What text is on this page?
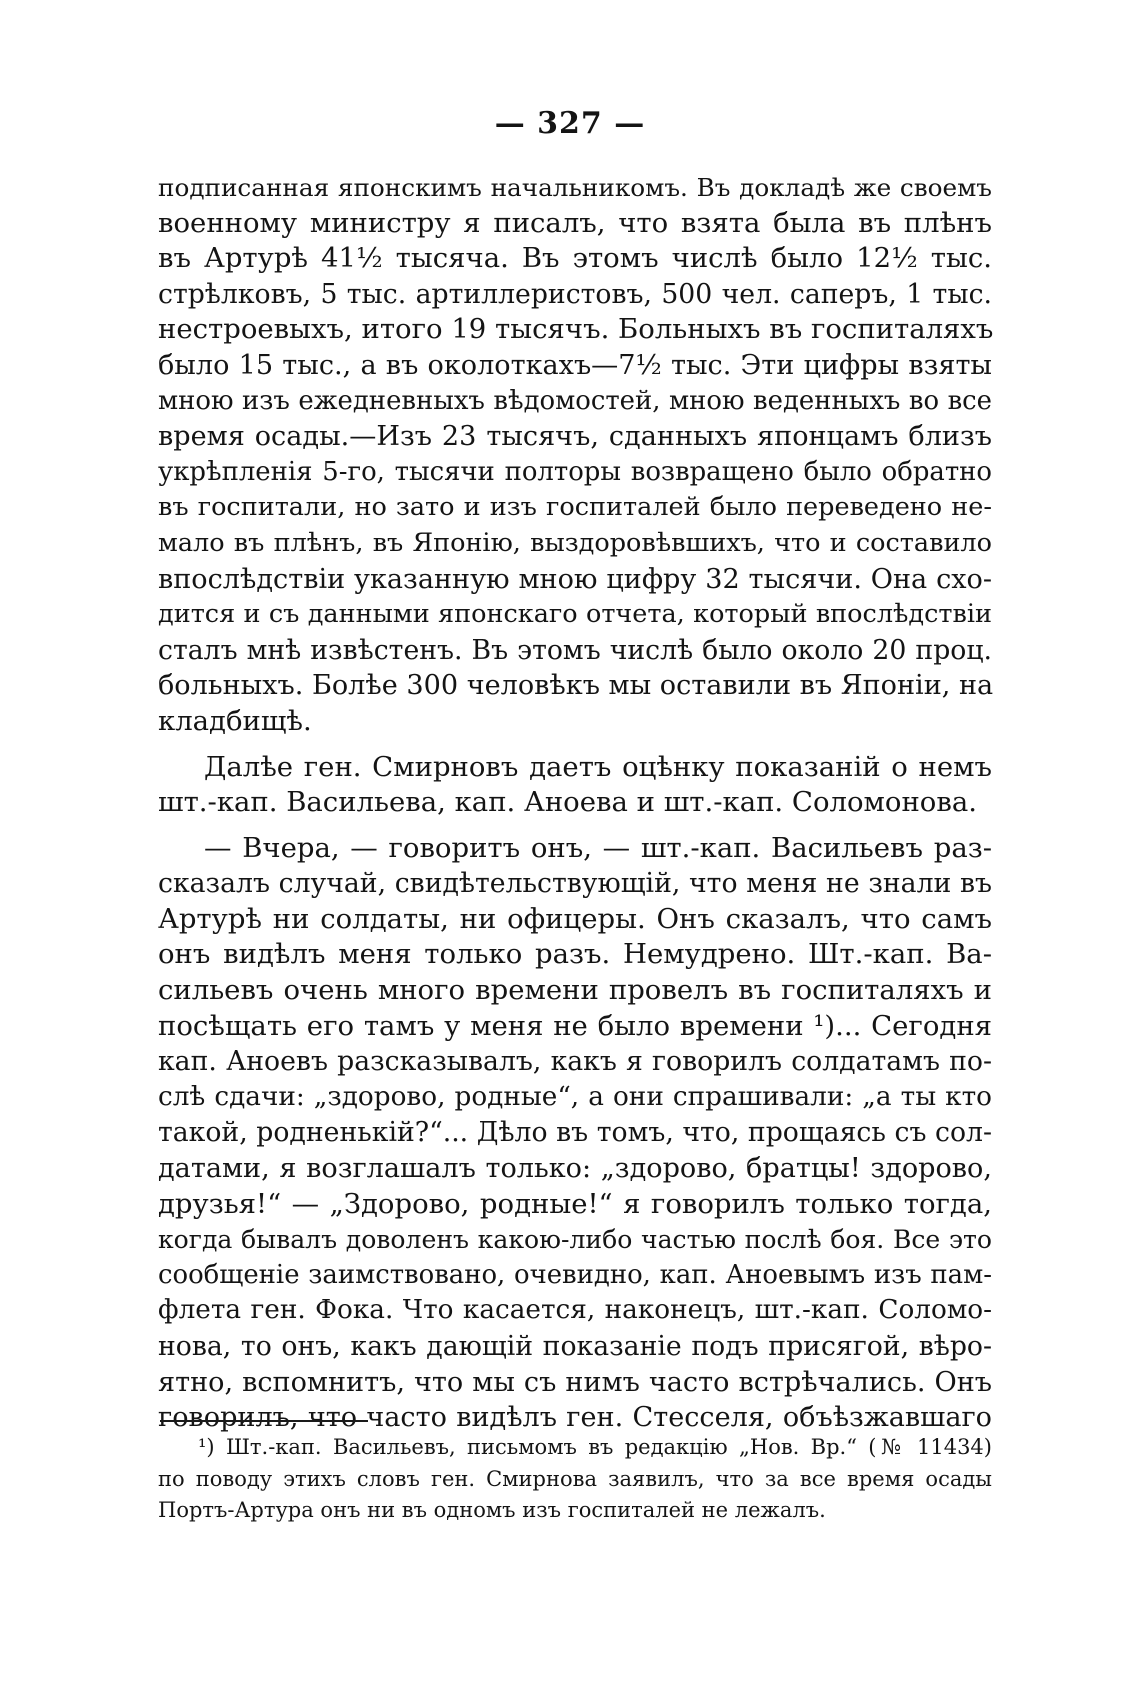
— 327 —
подписанная японскимъ начальникомъ. Въ докладѣ же своемъ
военному министру я писалъ, что взята была въ плѣнъ
въ Артурѣ 41½ тысяча. Въ этомъ числѣ было 12½ тыс.
стрѣлковъ, 5 тыс. артиллеристовъ, 500 чел. саперъ, 1 тыс.
нестроевыхъ, итого 19 тысячъ. Больныхъ въ госпиталяхъ
было 15 тыс., а въ околоткахъ—7½ тыс. Эти цифры взяты
мною изъ ежедневныхъ вѣдомостей, мною веденныхъ во все
время осады.—Изъ 23 тысячъ, сданныхъ японцамъ близъ
укрѣпленія 5-го, тысячи полторы возвращено было обратно
въ госпитали, но зато и изъ госпиталей было переведено не-
мало въ плѣнъ, въ Японію, выздоровѣвшихъ, что и составило
впослѣдствіи указанную мною цифру 32 тысячи. Она схо-
дится и съ данными японскаго отчета, который впослѣдствіи
сталъ мнѣ извѣстенъ. Въ этомъ числѣ было около 20 проц.
больныхъ. Болѣе 300 человѣкъ мы оставили въ Японіи, на
кладбищѣ.
Далѣе ген. Смирновъ даетъ оцѣнку показаній о немъ
шт.-кап. Васильева, кап. Аноева и шт.-кап. Соломонова.
— Вчера, — говоритъ онъ, — шт.-кап. Васильевъ раз-
сказалъ случай, свидѣтельствующій, что меня не знали въ
Артурѣ ни солдаты, ни офицеры. Онъ сказалъ, что самъ
онъ видѣлъ меня только разъ. Немудрено. Шт.-кап. Ва-
сильевъ очень много времени провелъ въ госпиталяхъ и
посѣщать его тамъ у меня не было времени ¹)... Сегодня
кап. Аноевъ разсказывалъ, какъ я говорилъ солдатамъ по-
слѣ сдачи: „здорово, родные“, а они спрашивали: „а ты кто
такой, родненькій?“... Дѣло въ томъ, что, прощаясь съ сол-
датами, я возглашалъ только: „здорово, братцы! здорово,
друзья!“ — „Здорово, родные!“ я говорилъ только тогда,
когда бывалъ доволенъ какою-либо частью послѣ боя. Все это
сообщеніе заимствовано, очевидно, кап. Аноевымъ изъ пам-
флета ген. Фока. Что касается, наконецъ, шт.-кап. Соломо-
нова, то онъ, какъ дающій показаніе подъ присягой, вѣро-
ятно, вспомнитъ, что мы съ нимъ часто встрѣчались. Онъ
говорилъ, что часто видѣлъ ген. Стесселя, объѣзжавшаго
¹) Шт.-кап. Васильевъ, письмомъ въ редакцію „Нов. Вр.“ (№ 11434)
по поводу этихъ словъ ген. Смирнова заявилъ, что за все время осады
Портъ-Артура онъ ни въ одномъ изъ госпиталей не лежалъ.
